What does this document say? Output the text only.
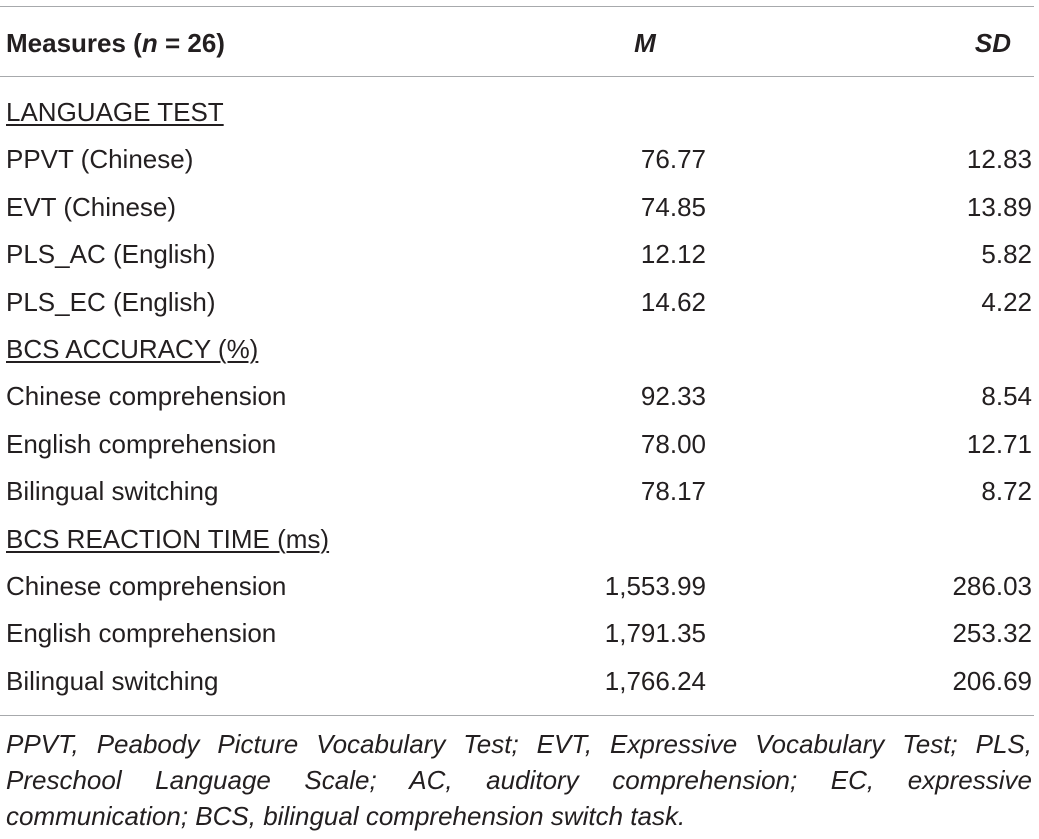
Measures (n = 26)	M	SD
LANGUAGE TEST
PPVT (Chinese)	76.77	12.83
EVT (Chinese)	74.85	13.89
PLS_AC (English)	12.12	5.82
PLS_EC (English)	14.62	4.22
BCS ACCURACY (%)
Chinese comprehension	92.33	8.54
English comprehension	78.00	12.71
Bilingual switching	78.17	8.72
BCS REACTION TIME (ms)
Chinese comprehension	1,553.99	286.03
English comprehension	1,791.35	253.32
Bilingual switching	1,766.24	206.69
PPVT, Peabody Picture Vocabulary Test; EVT, Expressive Vocabulary Test; PLS, Preschool Language Scale; AC, auditory comprehension; EC, expressive communication; BCS, bilingual comprehension switch task.
